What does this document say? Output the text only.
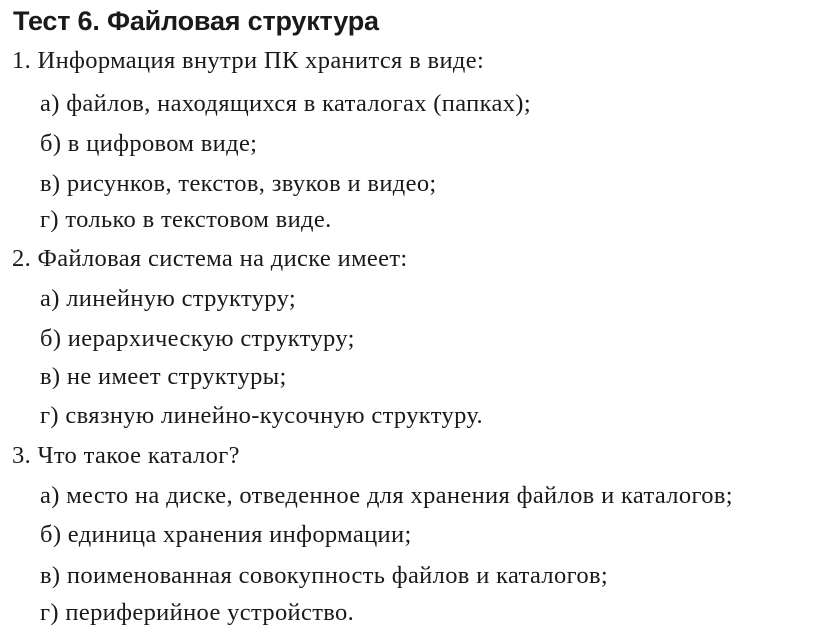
Тест 6. Файловая структура
1. Информация внутри ПК хранится в виде:
а) файлов, находящихся в каталогах (папках);
б) в цифровом виде;
в) рисунков, текстов, звуков и видео;
г) только в текстовом виде.
2. Файловая система на диске имеет:
а) линейную структуру;
б) иерархическую структуру;
в) не имеет структуры;
г) связную линейно-кусочную структуру.
3. Что такое каталог?
а) место на диске, отведенное для хранения файлов и каталогов;
б) единица хранения информации;
в) поименованная совокупность файлов и каталогов;
г) периферийное устройство.
